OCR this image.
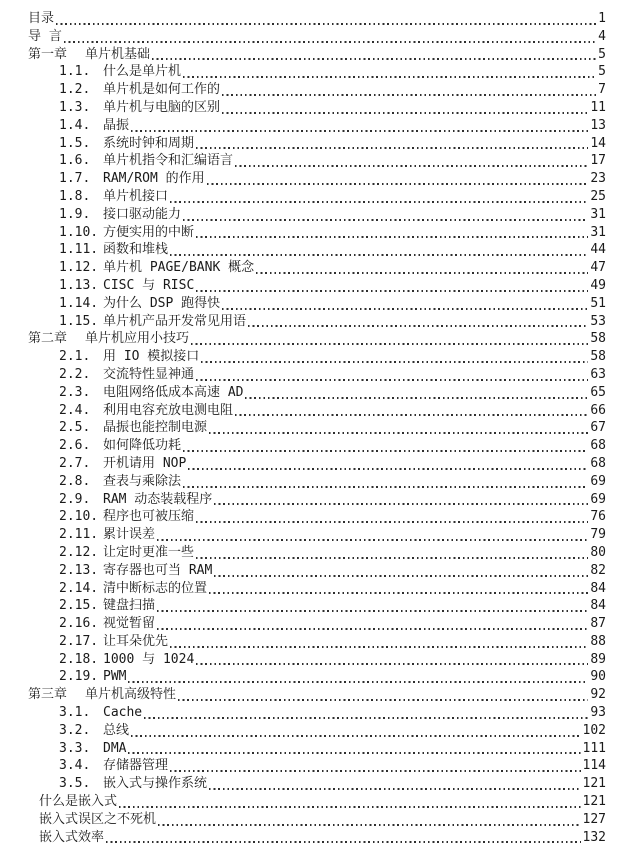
目录	1
导 言	4
第一章	单片机基础	5
1.1. 什么是单片机	5
1.2. 单片机是如何工作的	7
1.3. 单片机与电脑的区别	11
1.4. 晶振	13
1.5. 系统时钟和周期	14
1.6. 单片机指令和汇编语言	17
1.7. RAM/ROM 的作用	23
1.8. 单片机接口	25
1.9. 接口驱动能力	31
1.10. 方便实用的中断	31
1.11. 函数和堆栈	44
1.12. 单片机 PAGE/BANK 概念	47
1.13. CISC 与 RISC	49
1.14. 为什么 DSP 跑得快	51
1.15. 单片机产品开发常见用语	53
第二章	单片机应用小技巧	58
2.1. 用 IO 模拟接口	58
2.2. 交流特性显神通	63
2.3. 电阻网络低成本高速 AD	65
2.4. 利用电容充放电测电阻	66
2.5. 晶振也能控制电源	67
2.6. 如何降低功耗	68
2.7. 开机请用 NOP	68
2.8. 查表与乘除法	69
2.9. RAM 动态装载程序	69
2.10. 程序也可被压缩	76
2.11. 累计误差	79
2.12. 让定时更准一些	80
2.13. 寄存器也可当 RAM	82
2.14. 清中断标志的位置	84
2.15. 键盘扫描	84
2.16. 视觉暂留	87
2.17. 让耳朵优先	88
2.18. 1000 与 1024	89
2.19. PWM	90
第三章	单片机高级特性	92
3.1. Cache	93
3.2. 总线	102
3.3. DMA	111
3.4. 存储器管理	114
3.5. 嵌入式与操作系统	121
什么是嵌入式	121
嵌入式误区之不死机	127
嵌入式效率	132
